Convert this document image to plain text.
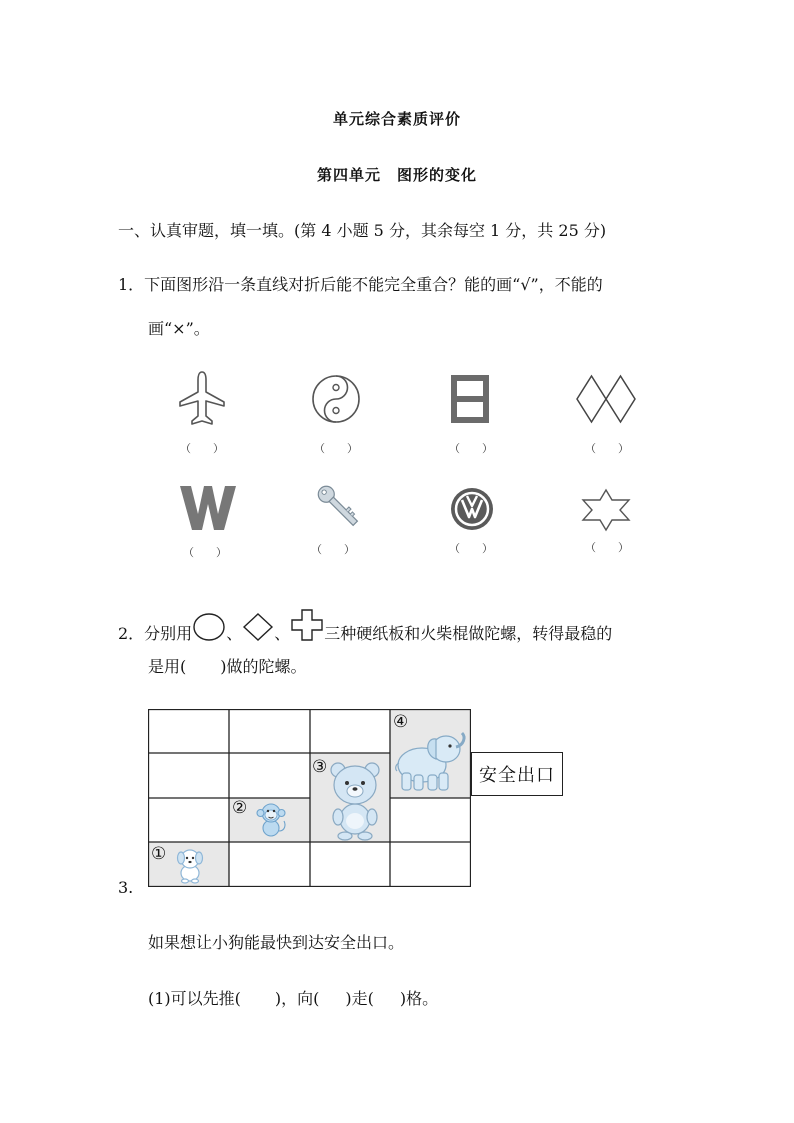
单元综合素质评价
第四单元　图形的变化
一、认真审题，填一填。(第 4 小题 5 分，其余每空 1 分，共 25 分)
1．下面图形沿一条直线对折后能不能完全重合？能的画“√”，不能的
画“×”。
（　　）	（　　）	（　　）	（　　）
（　　）	（　　）	（　　）	（　　）
2．分别用 、 、 三种硬纸板和火柴棍做陀螺，转得最稳的
是用( )做的陀螺。
①
②
③
④
安全出口
3.
如果想让小狗能最快到达安全出口。
(1)可以先推( )，向( )走( )格。
